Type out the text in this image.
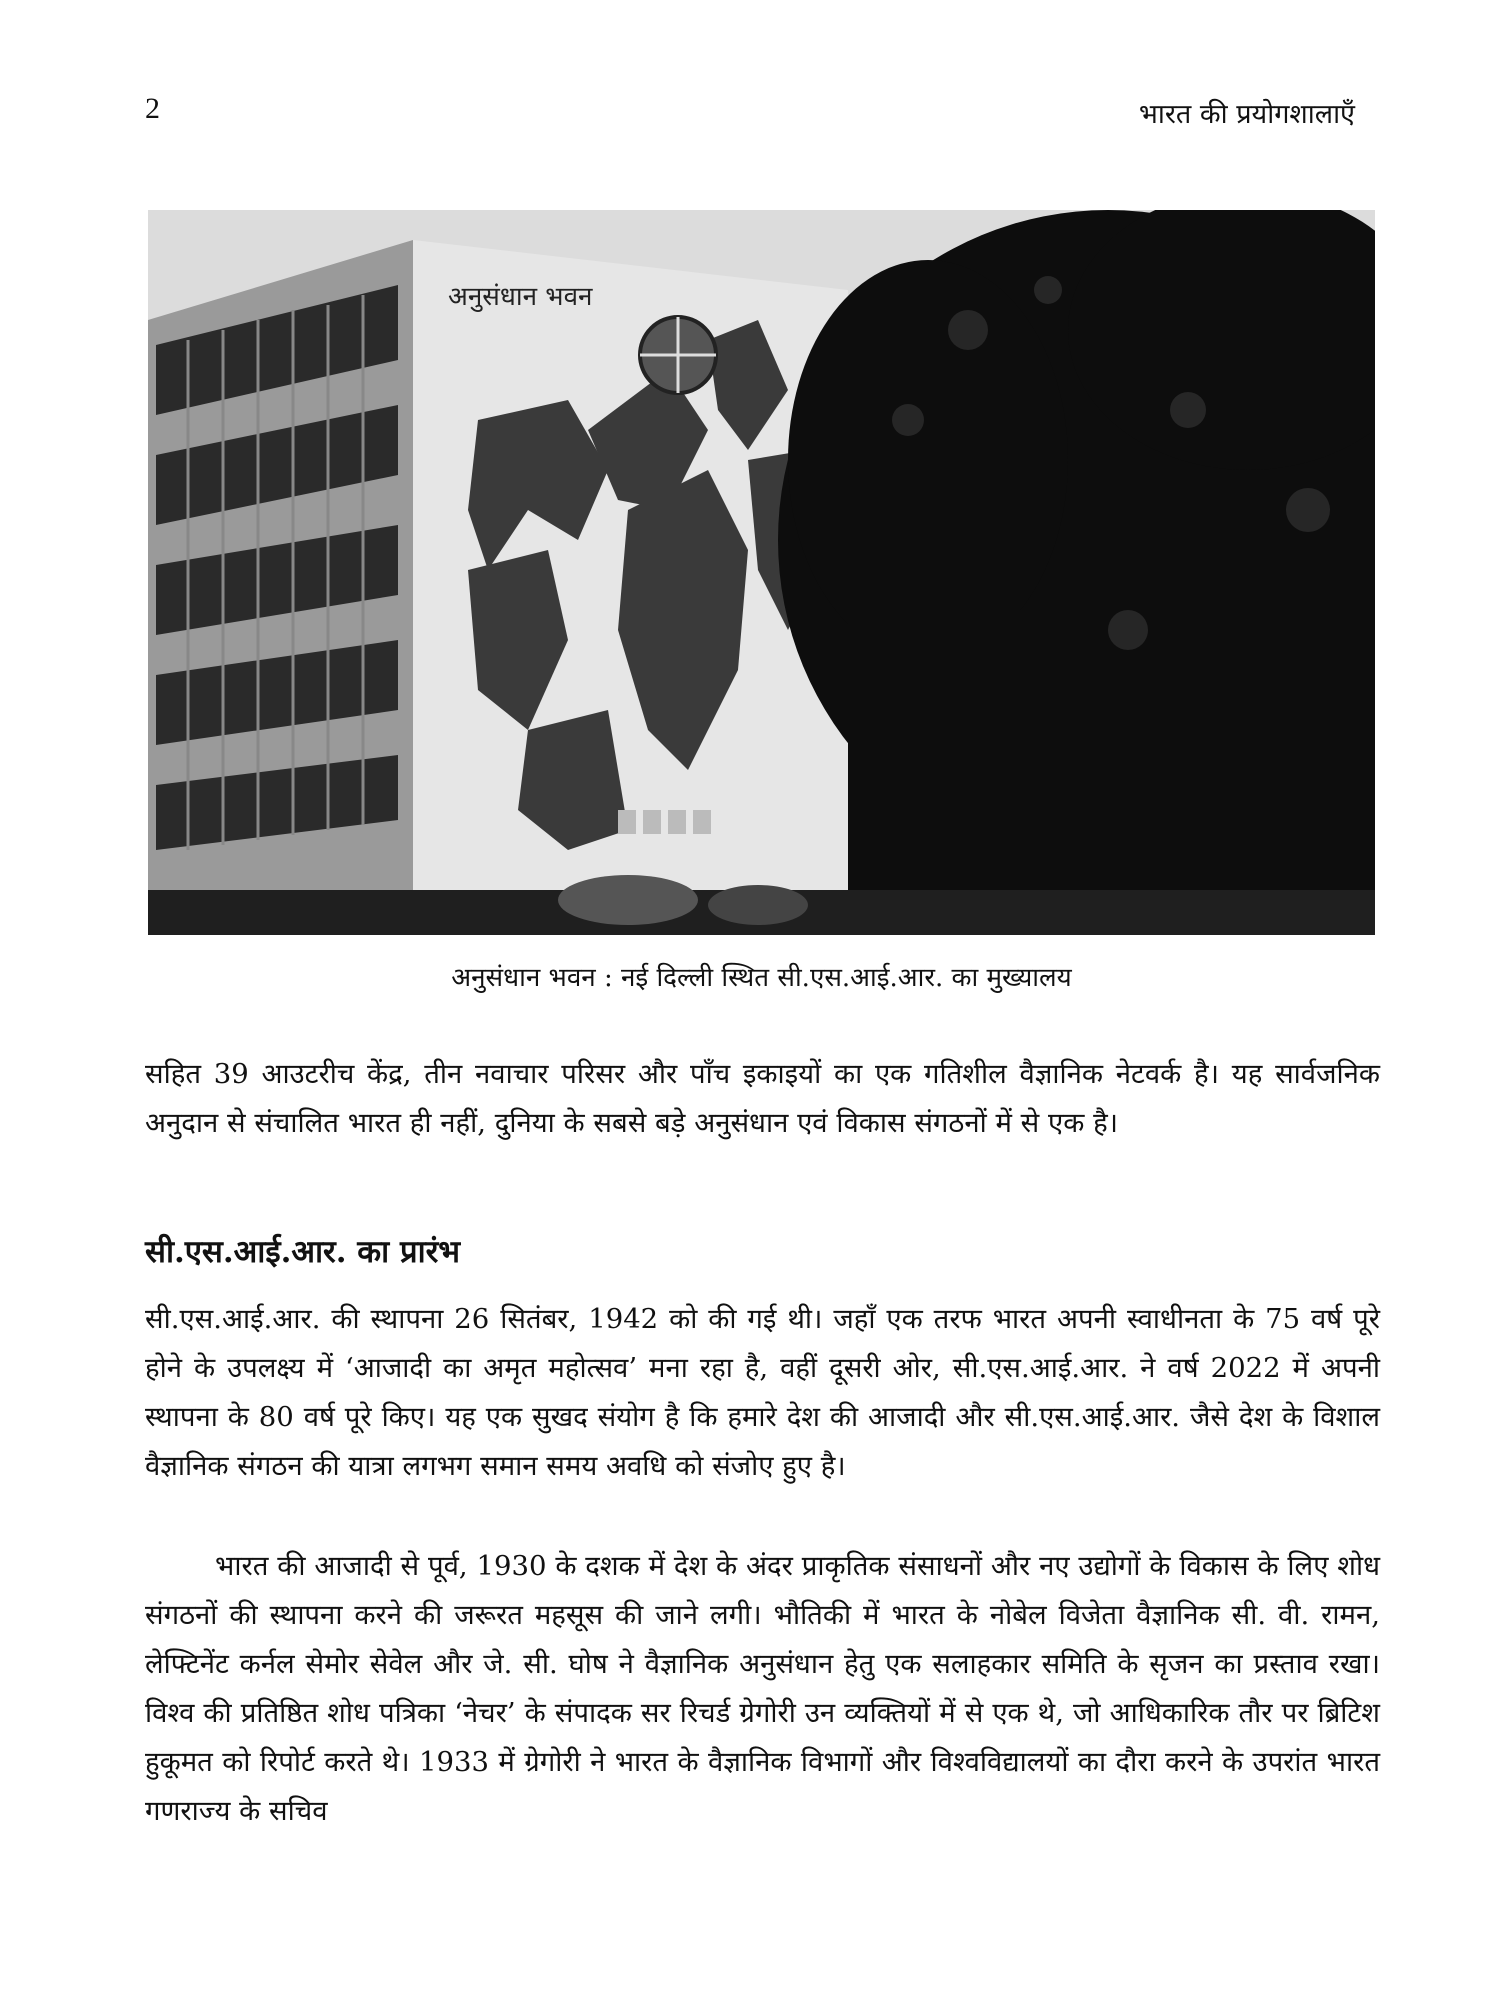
2	भारत की प्रयोगशालाएँ
अनुसंधान भवन
अनुसंधान भवन : नई दिल्ली स्थित सी.एस.आई.आर. का मुख्यालय

सहित 39 आउटरीच केंद्र, तीन नवाचार परिसर और पाँच इकाइयों का एक गतिशील वैज्ञानिक नेटवर्क है। यह सार्वजनिक अनुदान से संचालित भारत ही नहीं, दुनिया के सबसे बड़े अनुसंधान एवं विकास संगठनों में से एक है।

सी.एस.आई.आर. का प्रारंभ

सी.एस.आई.आर. की स्थापना 26 सितंबर, 1942 को की गई थी। जहाँ एक तरफ भारत अपनी स्वाधीनता के 75 वर्ष पूरे होने के उपलक्ष्य में ‘आजादी का अमृत महोत्सव’ मना रहा है, वहीं दूसरी ओर, सी.एस.आई.आर. ने वर्ष 2022 में अपनी स्थापना के 80 वर्ष पूरे किए। यह एक सुखद संयोग है कि हमारे देश की आजादी और सी.एस.आई.आर. जैसे देश के विशाल वैज्ञानिक संगठन की यात्रा लगभग समान समय अवधि को संजोए हुए है।

भारत की आजादी से पूर्व, 1930 के दशक में देश के अंदर प्राकृतिक संसाधनों और नए उद्योगों के विकास के लिए शोध संगठनों की स्थापना करने की जरूरत महसूस की जाने लगी। भौतिकी में भारत के नोबेल विजेता वैज्ञानिक सी. वी. रामन, लेफ्टिनेंट कर्नल सेमोर सेवेल और जे. सी. घोष ने वैज्ञानिक अनुसंधान हेतु एक सलाहकार समिति के सृजन का प्रस्ताव रखा। विश्व की प्रतिष्ठित शोध पत्रिका ‘नेचर’ के संपादक सर रिचर्ड ग्रेगोरी उन व्यक्तियों में से एक थे, जो आधिकारिक तौर पर ब्रिटिश हुकूमत को रिपोर्ट करते थे। 1933 में ग्रेगोरी ने भारत के वैज्ञानिक विभागों और विश्वविद्यालयों का दौरा करने के उपरांत भारत गणराज्य के सचिव
